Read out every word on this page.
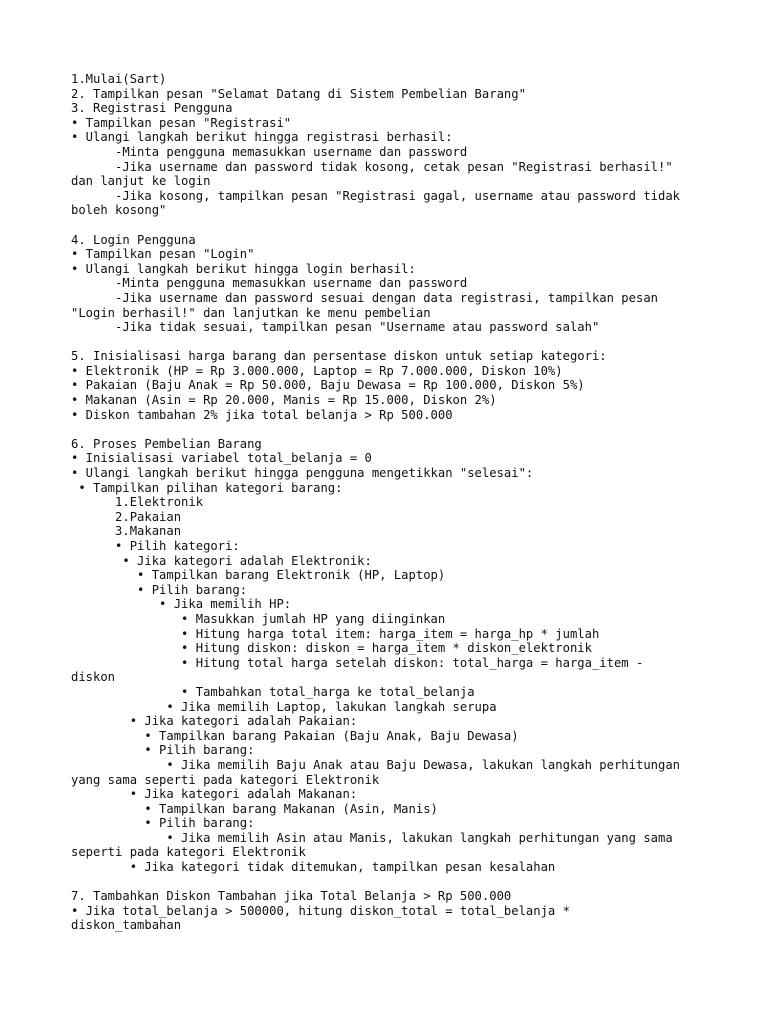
1.Mulai(Sart)
2. Tampilkan pesan "Selamat Datang di Sistem Pembelian Barang"
3. Registrasi Pengguna
• Tampilkan pesan "Registrasi"
• Ulangi langkah berikut hingga registrasi berhasil:
-Minta pengguna memasukkan username dan password
-Jika username dan password tidak kosong, cetak pesan "Registrasi berhasil!"
dan lanjut ke login
-Jika kosong, tampilkan pesan "Registrasi gagal, username atau password tidak
boleh kosong"
4. Login Pengguna
• Tampilkan pesan "Login"
• Ulangi langkah berikut hingga login berhasil:
-Minta pengguna memasukkan username dan password
-Jika username dan password sesuai dengan data registrasi, tampilkan pesan
"Login berhasil!" dan lanjutkan ke menu pembelian
-Jika tidak sesuai, tampilkan pesan "Username atau password salah"
5. Inisialisasi harga barang dan persentase diskon untuk setiap kategori:
• Elektronik (HP = Rp 3.000.000, Laptop = Rp 7.000.000, Diskon 10%)
• Pakaian (Baju Anak = Rp 50.000, Baju Dewasa = Rp 100.000, Diskon 5%)
• Makanan (Asin = Rp 20.000, Manis = Rp 15.000, Diskon 2%)
• Diskon tambahan 2% jika total belanja > Rp 500.000
6. Proses Pembelian Barang
• Inisialisasi variabel total_belanja = 0
• Ulangi langkah berikut hingga pengguna mengetikkan "selesai":
• Tampilkan pilihan kategori barang:
1.Elektronik
2.Pakaian
3.Makanan
• Pilih kategori:
• Jika kategori adalah Elektronik:
• Tampilkan barang Elektronik (HP, Laptop)
• Pilih barang:
• Jika memilih HP:
• Masukkan jumlah HP yang diinginkan
• Hitung harga total item: harga_item = harga_hp * jumlah
• Hitung diskon: diskon = harga_item * diskon_elektronik
• Hitung total harga setelah diskon: total_harga = harga_item -
diskon
• Tambahkan total_harga ke total_belanja
• Jika memilih Laptop, lakukan langkah serupa
• Jika kategori adalah Pakaian:
• Tampilkan barang Pakaian (Baju Anak, Baju Dewasa)
• Pilih barang:
• Jika memilih Baju Anak atau Baju Dewasa, lakukan langkah perhitungan
yang sama seperti pada kategori Elektronik
• Jika kategori adalah Makanan:
• Tampilkan barang Makanan (Asin, Manis)
• Pilih barang:
• Jika memilih Asin atau Manis, lakukan langkah perhitungan yang sama
seperti pada kategori Elektronik
• Jika kategori tidak ditemukan, tampilkan pesan kesalahan
7. Tambahkan Diskon Tambahan jika Total Belanja > Rp 500.000
• Jika total_belanja > 500000, hitung diskon_total = total_belanja *
diskon_tambahan
